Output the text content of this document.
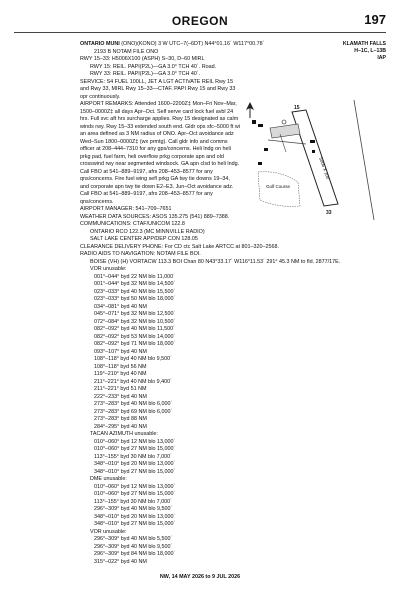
OREGON	197
KLAMATH FALLS
H–1C, L–13B
IAP
5006 X 100
15
33
Golf Course
ONTARIO MUNI (ONO)(KONO) 3 W UTC–7(–6DT) N44°01.16´ W117°00.78´
2193 B NOTAM FILE ONO
RWY 15–33: H5006X100 (ASPH) S–30, D–60 MIRL
RWY 15: REIL. PAPI(P2L)—GA 3.0° TCH 40´. Road.
RWY 33: REIL. PAPI(P2L)—GA 3.0° TCH 40´.
SERVICE: S4 FUEL 100LL, JET A LGT ACTIVATE REIL Rwy 15 and Rwy 33, MIRL Rwy 15–33—CTAF. PAPI Rwy 15 and Rwy 33 opr continuously.
AIRPORT REMARKS: Attended 1600–2200Z‡ Mon–Fri Nov–Mar, 1500–0000Z‡ all days Apr–Oct. Self serve card lock fuel avbl 24 hrs. Full svc aft hrs surcharge applies. Rwy 15 designated as calm winds rwy. Rwy 15–33 extended south end. Gldr ops sfc–5000 ft wi an area defined as 3 NM radius of ONO. Apr–Oct avoidance adz Wed–Sun 1800–0000Z‡ (wx prmtg). Call gldr info and comms officer at 208–444–7310 for any gps/concerns. Heli lndg on heli prkg pad, fuel farm, heli overflow prkg corporate apn and old crosswind rwy near segmented windsock. GA apn clsd to heli lndg. Call FBO at 541–889–9197, afrs 208–453–8577 for any qns/concerns. Fire fuel wing sefl prkg GA twy tie downs 19–34, and corporate apn twy tie down E2–E3. Jun–Oct avoidance adz. Call FBO at 541–889–9197, afrs 208–453–8577 for any qns/concerns.
AIRPORT MANAGER: 541–709–7651
WEATHER DATA SOURCES: ASOS 135.275 (541) 889–7388.
COMMUNICATIONS: CTAF/UNICOM 122.8
ONTARIO RCO 122.3 (MC MINNVILLE RADIO)
SALT LAKE CENTER APP/DEP CON 128.05
CLEARANCE DELIVERY PHONE: For CD ctc Salt Lake ARTCC at 801–320–2568.
RADIO AIDS TO NAVIGATION: NOTAM FILE BOI.
BOISE (VH) (H) VORTACW 113.3 BOI Chan 80 N43°33.17´ W116°11.53´ 291° 45.3 NM to fld. 2877/17E.
VOR unusable:
001°–044° byd 22 NM blo 11,000´
001°–044° byd 32 NM blo 14,500´
023°–033° byd 40 NM blo 15,500´
023°–033° byd 50 NM blo 18,000´
034°–081° byd 40 NM
045°–071° byd 32 NM blo 12,500´
072°–084° byd 32 NM blo 10,500´
082°–092° byd 40 NM blo 11,500´
082°–092° byd 53 NM blo 14,000´
082°–092° byd 71 NM blo 18,000´
093°–107° byd 40 NM
108°–118° byd 40 NM blo 9,500´
108°–118° byd 56 NM
119°–210° byd 40 NM
211°–221° byd 40 NM blo 9,400´
211°–221° byd 51 NM
222°–233° byd 40 NM
273°–283° byd 40 NM blo 6,000´
273°–283° byd 69 NM blo 6,000´
273°–283° byd 88 NM
284°–295° byd 40 NM
TACAN AZIMUTH unusable:
010°–060° byd 12 NM blo 13,000´
010°–060° byd 27 NM blo 15,000´
113°–155° byd 30 NM blo 7,000´
348°–010° byd 20 NM blo 13,000´
348°–010° byd 27 NM blo 15,000´
DME unusable:
010°–060° byd 12 NM blo 13,000´
010°–060° byd 27 NM blo 15,000´
113°–155° byd 30 NM blo 7,000´
296°–309° byd 40 NM blo 9,500´
348°–010° byd 20 NM blo 13,000´
348°–010° byd 27 NM blo 15,000´
VOR unusable:
296°–309° byd 40 NM blo 5,500´
296°–309° byd 40 NM blo 9,500´
296°–309° byd 84 NM blo 18,000´
315°–022° byd 40 NM
NW, 14 MAY 2026 to 9 JUL 2026
